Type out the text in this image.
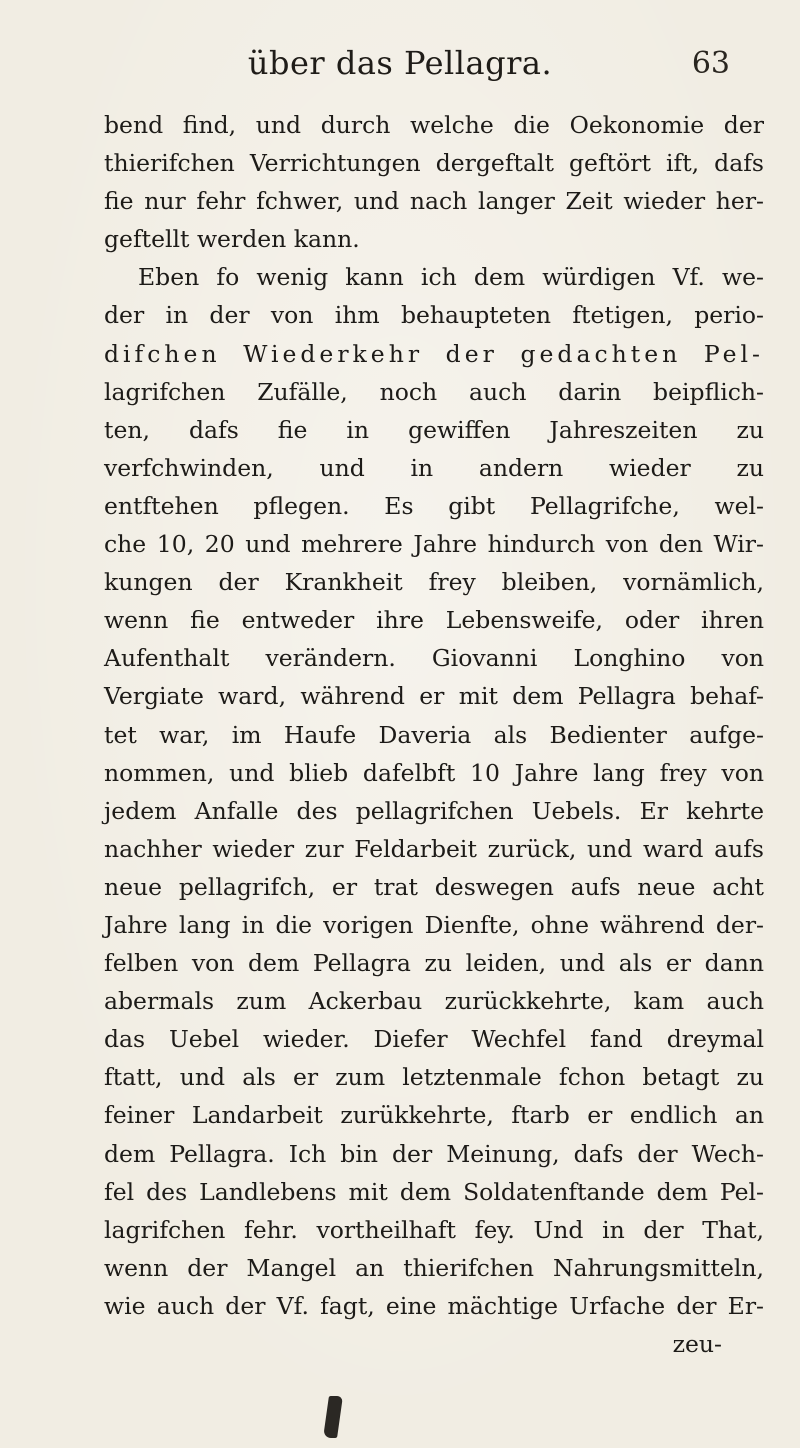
über das Pellagra.	63
bend find, und durch welche die Oekonomie der
thierifchen Verrichtungen dergeftalt geftört ift, dafs
fie nur fehr fchwer, und nach langer Zeit wieder her-
geftellt werden kann.
Eben fo wenig kann ich dem würdigen Vf. we-
der in der von ihm behaupteten ftetigen, perio-
difchen Wiederkehr der gedachten Pel-
lagrifchen Zufälle, noch auch darin beipflich-
ten, dafs fie in gewiffen Jahreszeiten zu
verfchwinden, und in andern wieder zu
entftehen pflegen. Es gibt Pellagrifche, wel-
che 10, 20 und mehrere Jahre hindurch von den Wir-
kungen der Krankheit frey bleiben, vornämlich,
wenn fie entweder ihre Lebensweife, oder ihren
Aufenthalt verändern. Giovanni Longhino von
Vergiate ward, während er mit dem Pellagra behaf-
tet war, im Haufe Daveria als Bedienter aufge-
nommen, und blieb dafelbft 10 Jahre lang frey von
jedem Anfalle des pellagrifchen Uebels. Er kehrte
nachher wieder zur Feldarbeit zurück, und ward aufs
neue pellagrifch, er trat deswegen aufs neue acht
Jahre lang in die vorigen Dienfte, ohne während der-
felben von dem Pellagra zu leiden, und als er dann
abermals zum Ackerbau zurückkehrte, kam auch
das Uebel wieder. Diefer Wechfel fand dreymal
ftatt, und als er zum letztenmale fchon betagt zu
feiner Landarbeit zurükkehrte, ftarb er endlich an
dem Pellagra. Ich bin der Meinung, dafs der Wech-
fel des Landlebens mit dem Soldatenftande dem Pel-
lagrifchen fehr. vortheilhaft fey. Und in der That,
wenn der Mangel an thierifchen Nahrungsmitteln,
wie auch der Vf. fagt, eine mächtige Urfache der Er-
zeu-
